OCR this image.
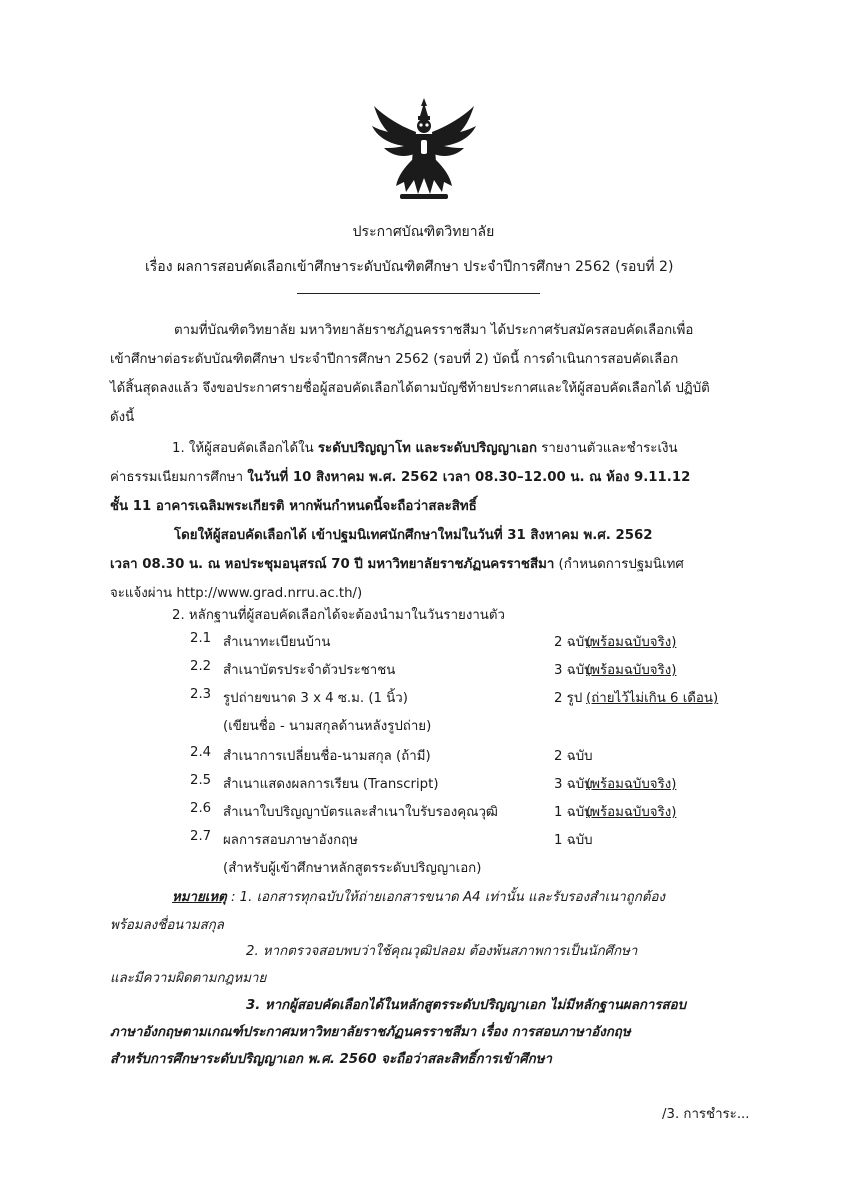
ประกาศบัณฑิตวิทยาลัย
เรื่อง ผลการสอบคัดเลือกเข้าศึกษาระดับบัณฑิตศึกษา ประจำปีการศึกษา 2562 (รอบที่ 2)
ตามที่บัณฑิตวิทยาลัย มหาวิทยาลัยราชภัฏนครราชสีมา ได้ประกาศรับสมัครสอบคัดเลือกเพื่อ
เข้าศึกษาต่อระดับบัณฑิตศึกษา ประจำปีการศึกษา 2562 (รอบที่ 2) บัดนี้ การดำเนินการสอบคัดเลือก
ได้สิ้นสุดลงแล้ว จึงขอประกาศรายชื่อผู้สอบคัดเลือกได้ตามบัญชีท้ายประกาศและให้ผู้สอบคัดเลือกได้ ปฏิบัติ
ดังนี้
1. ให้ผู้สอบคัดเลือกได้ใน ระดับปริญญาโท และระดับปริญญาเอก รายงานตัวและชำระเงิน
ค่าธรรมเนียมการศึกษา ในวันที่ 10 สิงหาคม พ.ศ. 2562 เวลา 08.30–12.00 น. ณ ห้อง 9.11.12
ชั้น 11 อาคารเฉลิมพระเกียรติ หากพ้นกำหนดนี้จะถือว่าสละสิทธิ์
โดยให้ผู้สอบคัดเลือกได้ เข้าปฐมนิเทศนักศึกษาใหม่ในวันที่ 31 สิงหาคม พ.ศ. 2562
เวลา 08.30 น. ณ หอประชุมอนุสรณ์ 70 ปี มหาวิทยาลัยราชภัฏนครราชสีมา (กำหนดการปฐมนิเทศ
จะแจ้งผ่าน http://www.grad.nrru.ac.th/)
2. หลักฐานที่ผู้สอบคัดเลือกได้จะต้องนำมาในวันรายงานตัว
2.1 สำเนาทะเบียนบ้าน	2 ฉบับ
(พร้อมฉบับจริง)
2.2 สำเนาบัตรประจำตัวประชาชน	3 ฉบับ
(พร้อมฉบับจริง)
2.3 รูปถ่ายขนาด 3 x 4 ซ.ม. (1 นิ้ว)	2 รูป (ถ่ายไว้ไม่เกิน 6 เดือน)
(เขียนชื่อ - นามสกุลด้านหลังรูปถ่าย)
2.4 สำเนาการเปลี่ยนชื่อ-นามสกุล (ถ้ามี)	2 ฉบับ
2.5 สำเนาแสดงผลการเรียน (Transcript)	3 ฉบับ
(พร้อมฉบับจริง)
2.6 สำเนาใบปริญญาบัตรและสำเนาใบรับรองคุณวุฒิ	1 ฉบับ
(พร้อมฉบับจริง)
2.7 ผลการสอบภาษาอังกฤษ	1 ฉบับ
(สำหรับผู้เข้าศึกษาหลักสูตรระดับปริญญาเอก)
หมายเหตุ : 1. เอกสารทุกฉบับให้ถ่ายเอกสารขนาด A4 เท่านั้น และรับรองสำเนาถูกต้อง
พร้อมลงชื่อนามสกุล
2. หากตรวจสอบพบว่าใช้คุณวุฒิปลอม ต้องพ้นสภาพการเป็นนักศึกษา
และมีความผิดตามกฎหมาย
3. หากผู้สอบคัดเลือกได้ในหลักสูตรระดับปริญญาเอก ไม่มีหลักฐานผลการสอบ
ภาษาอังกฤษตามเกณฑ์ประกาศมหาวิทยาลัยราชภัฏนครราชสีมา เรื่อง การสอบภาษาอังกฤษ
สำหรับการศึกษาระดับปริญญาเอก พ.ศ. 2560 จะถือว่าสละสิทธิ์การเข้าศึกษา
/3. การชำระ...
